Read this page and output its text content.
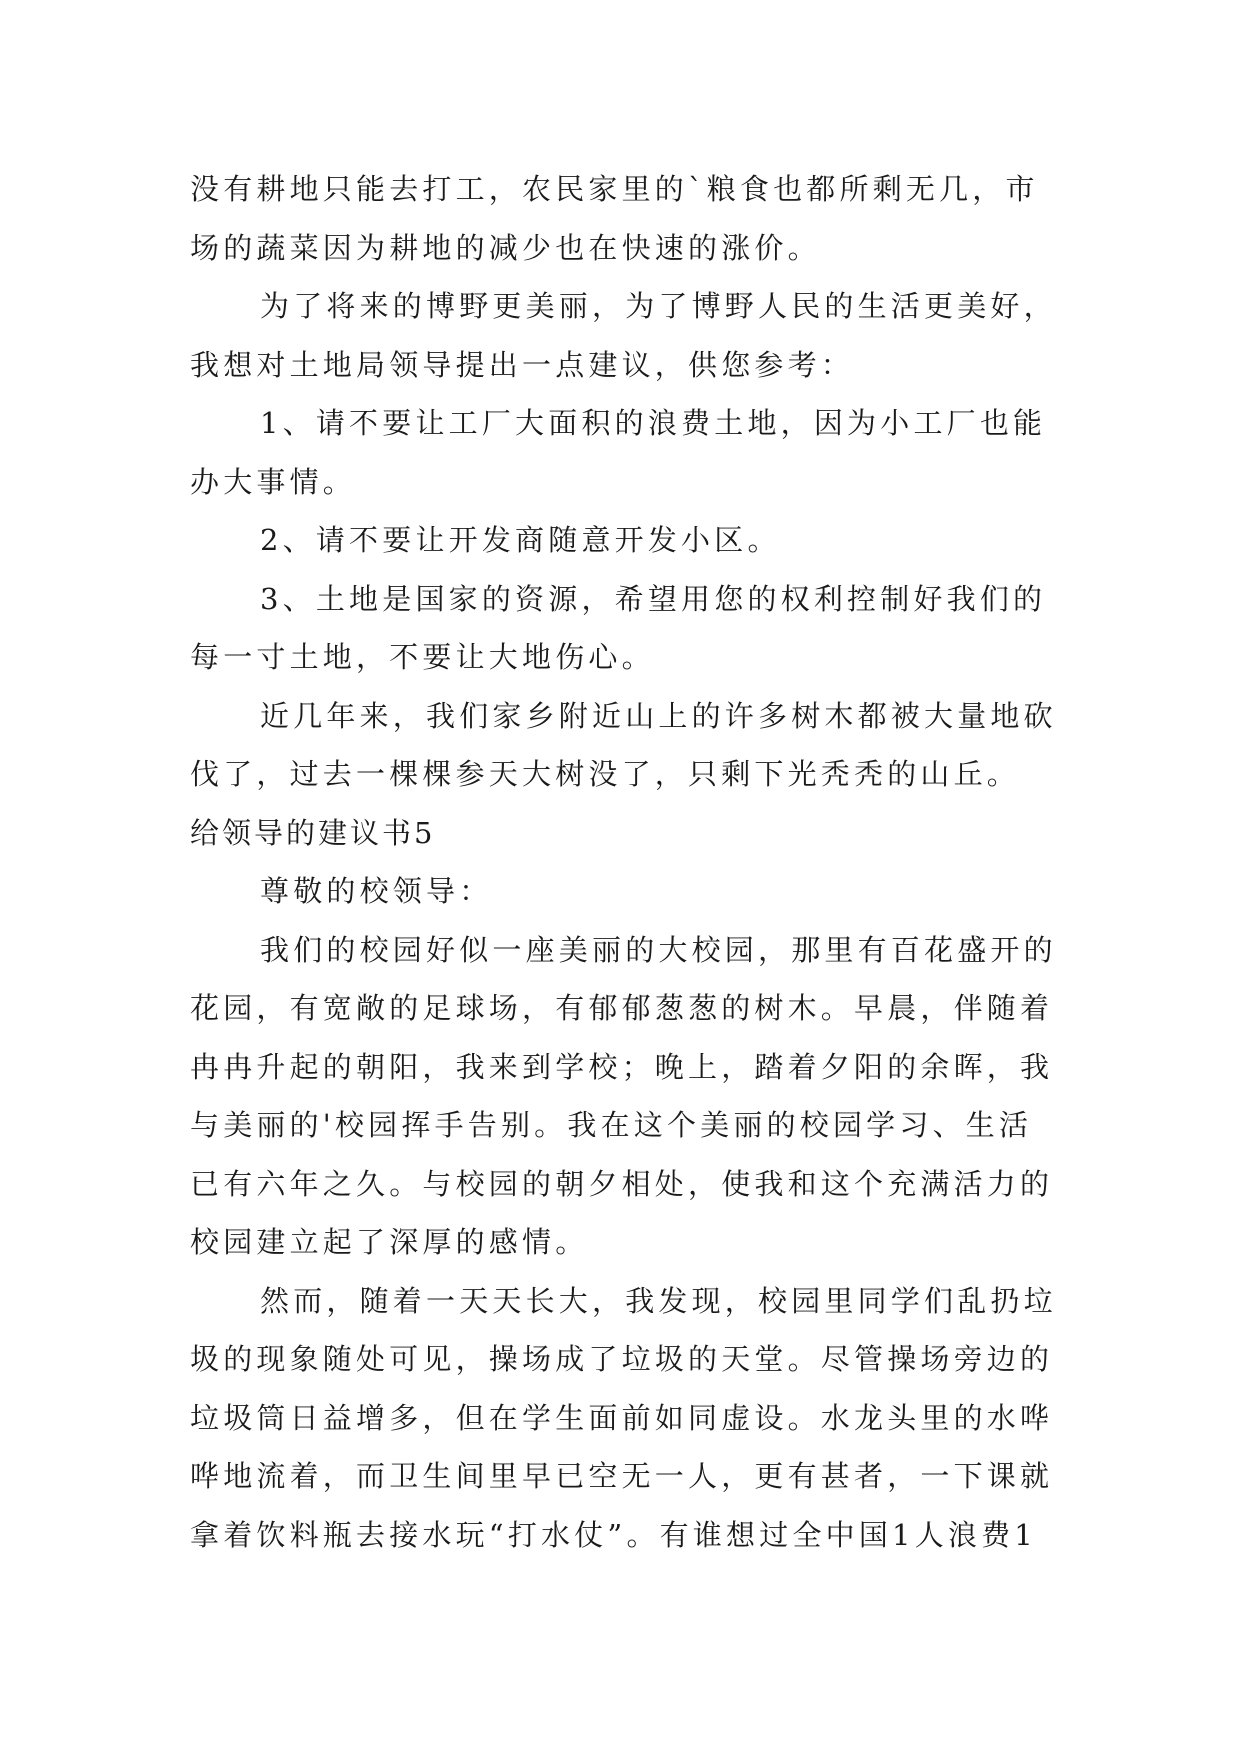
没有耕地只能去打工，农民家里的`粮食也都所剩无几，市
场的蔬菜因为耕地的减少也在快速的涨价。
为了将来的博野更美丽，为了博野人民的生活更美好，
我想对土地局领导提出一点建议，供您参考：
1、请不要让工厂大面积的浪费土地，因为小工厂也能
办大事情。
2、请不要让开发商随意开发小区。
3、土地是国家的资源，希望用您的权利控制好我们的
每一寸土地，不要让大地伤心。
近几年来，我们家乡附近山上的许多树木都被大量地砍
伐了，过去一棵棵参天大树没了，只剩下光秃秃的山丘。
给领导的建议书5
尊敬的校领导：
我们的校园好似一座美丽的大校园，那里有百花盛开的
花园，有宽敞的足球场，有郁郁葱葱的树木。早晨，伴随着
冉冉升起的朝阳，我来到学校；晚上，踏着夕阳的余晖，我
与美丽的'校园挥手告别。我在这个美丽的校园学习、生活
已有六年之久。与校园的朝夕相处，使我和这个充满活力的
校园建立起了深厚的感情。
然而，随着一天天长大，我发现，校园里同学们乱扔垃
圾的现象随处可见，操场成了垃圾的天堂。尽管操场旁边的
垃圾筒日益增多，但在学生面前如同虚设。水龙头里的水哗
哗地流着，而卫生间里早已空无一人，更有甚者，一下课就
拿着饮料瓶去接水玩“打水仗”。有谁想过全中国1人浪费1
